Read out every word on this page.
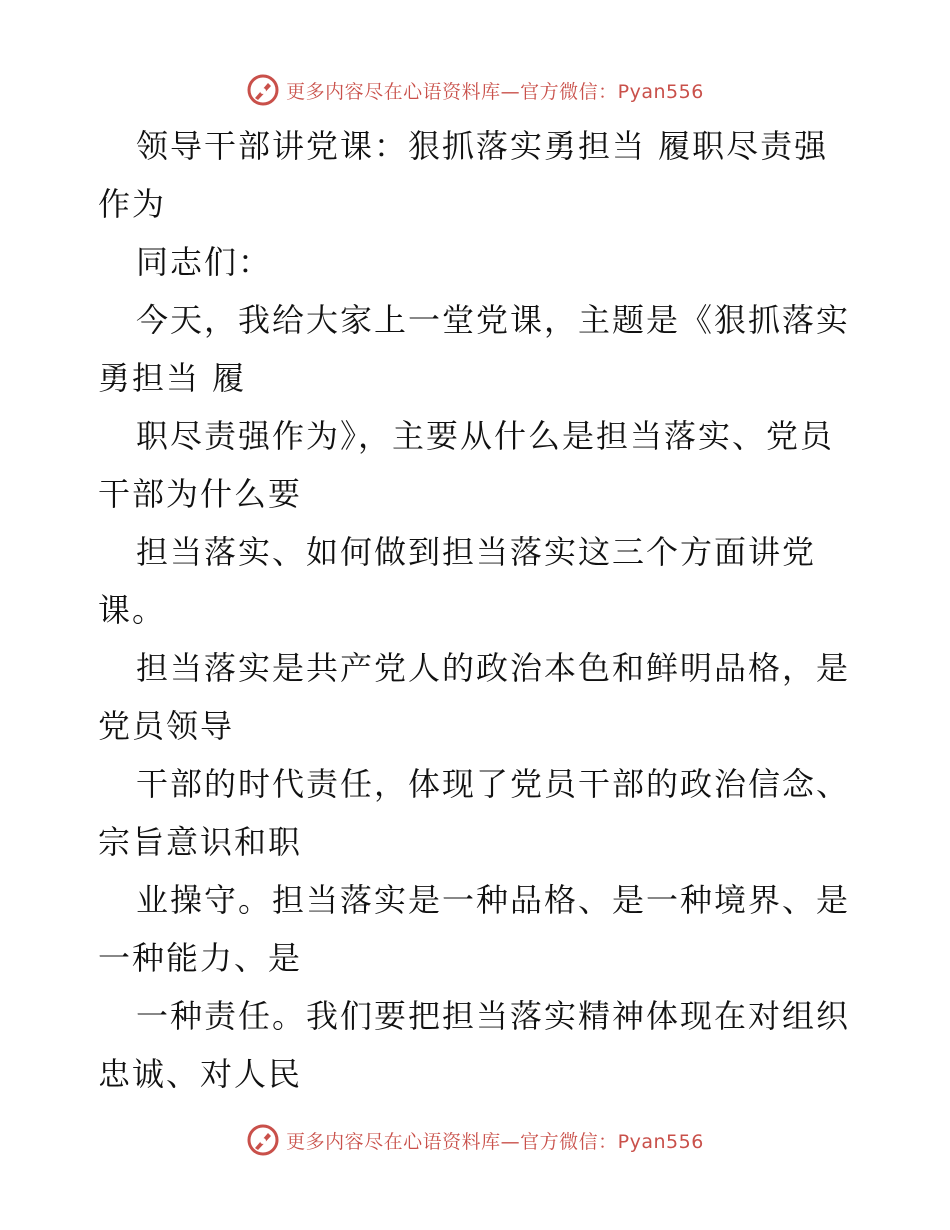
更多内容尽在心语资料库—官方微信：Pyan556
领导干部讲党课：狠抓落实勇担当 履职尽责强
作为
同志们：
今天，我给大家上一堂党课，主题是《狠抓落实
勇担当 履
职尽责强作为》，主要从什么是担当落实、党员
干部为什么要
担当落实、如何做到担当落实这三个方面讲党
课。
担当落实是共产党人的政治本色和鲜明品格，是
党员领导
干部的时代责任，体现了党员干部的政治信念、
宗旨意识和职
业操守。担当落实是一种品格、是一种境界、是
一种能力、是
一种责任。我们要把担当落实精神体现在对组织
忠诚、对人民
更多内容尽在心语资料库—官方微信：Pyan556
